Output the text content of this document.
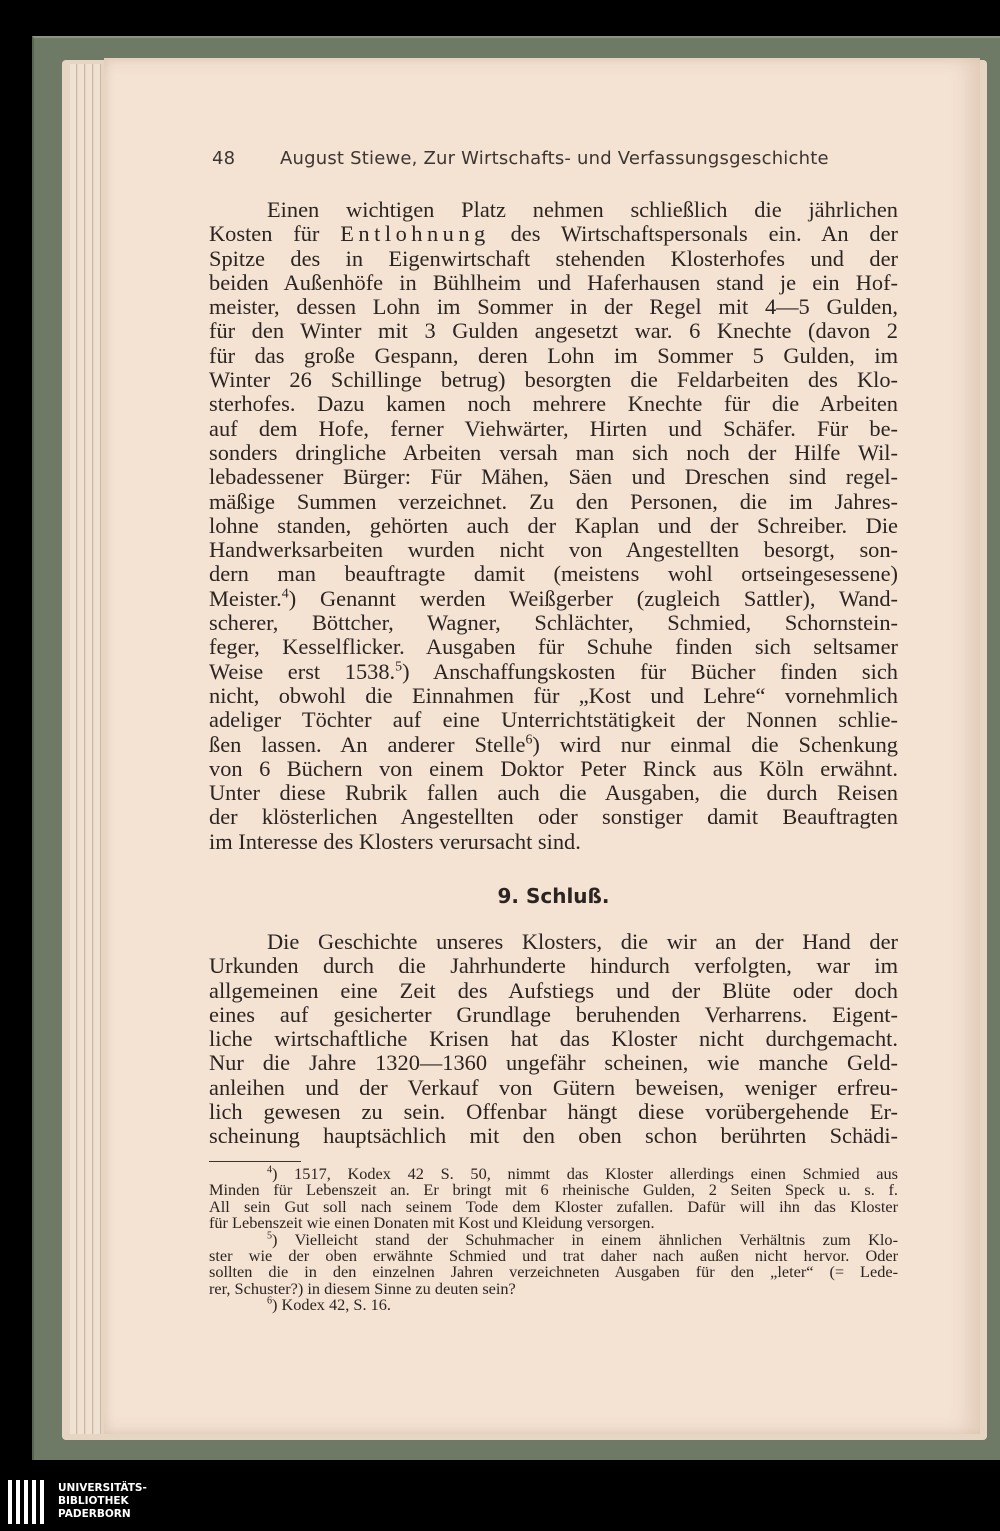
48 August Stiewe, Zur Wirtschafts- und Verfassungsgeschichte

Einen wichtigen Platz nehmen schließlich die jährlichen

Kosten für Entlohnung des Wirtschaftspersonals ein. An der

Spitze des in Eigenwirtschaft stehenden Klosterhofes und der

beiden Außenhöfe in Bühlheim und Haferhausen stand je ein Hof-

meister, dessen Lohn im Sommer in der Regel mit 4—5 Gulden,

für den Winter mit 3 Gulden angesetzt war. 6 Knechte (davon 2

für das große Gespann, deren Lohn im Sommer 5 Gulden, im

Winter 26 Schillinge betrug) besorgten die Feldarbeiten des Klo-

sterhofes. Dazu kamen noch mehrere Knechte für die Arbeiten

auf dem Hofe, ferner Viehwärter, Hirten und Schäfer. Für be-

sonders dringliche Arbeiten versah man sich noch der Hilfe Wil-

lebadessener Bürger: Für Mähen, Säen und Dreschen sind regel-

mäßige Summen verzeichnet. Zu den Personen, die im Jahres-

lohne standen, gehörten auch der Kaplan und der Schreiber. Die

Handwerksarbeiten wurden nicht von Angestellten besorgt, son-

dern man beauftragte damit (meistens wohl ortseingesessene)

Meister.$^4$) Genannt werden Weißgerber (zugleich Sattler), Wand-

scherer, Böttcher, Wagner, Schlächter, Schmied, Schornstein-

feger, Kesselflicker. Ausgaben für Schuhe finden sich seltsamer

Weise erst 1538.$^5$) Anschaffungskosten für Bücher finden sich

nicht, obwohl die Einnahmen für „Kost und Lehre“ vornehmlich

adeliger Töchter auf eine Unterrichtstätigkeit der Nonnen schlie-

ßen lassen. An anderer Stelle$^6$) wird nur einmal die Schenkung

von 6 Büchern von einem Doktor Peter Rinck aus Köln erwähnt.

Unter diese Rubrik fallen auch die Ausgaben, die durch Reisen

der klösterlichen Angestellten oder sonstiger damit Beauftragten

im Interesse des Klosters verursacht sind.

9. Schluß.

Die Geschichte unseres Klosters, die wir an der Hand der

Urkunden durch die Jahrhunderte hindurch verfolgten, war im

allgemeinen eine Zeit des Aufstiegs und der Blüte oder doch

eines auf gesicherter Grundlage beruhenden Verharrens. Eigent-

liche wirtschaftliche Krisen hat das Kloster nicht durchgemacht.

Nur die Jahre 1320—1360 ungefähr scheinen, wie manche Geld-

anleihen und der Verkauf von Gütern beweisen, weniger erfreu-

lich gewesen zu sein. Offenbar hängt diese vorübergehende Er-

scheinung hauptsächlich mit den oben schon berührten Schädi-

$^4$) 1517, Kodex 42 S. 50, nimmt das Kloster allerdings einen Schmied aus

Minden für Lebenszeit an. Er bringt mit 6 rheinische Gulden, 2 Seiten Speck u. s. f.

All sein Gut soll nach seinem Tode dem Kloster zufallen. Dafür will ihn das Kloster

für Lebenszeit wie einen Donaten mit Kost und Kleidung versorgen.

$^5$) Vielleicht stand der Schuhmacher in einem ähnlichen Verhältnis zum Klo-

ster wie der oben erwähnte Schmied und trat daher nach außen nicht hervor. Oder

sollten die in den einzelnen Jahren verzeichneten Ausgaben für den „leter“ (= Lede-

rer, Schuster?) in diesem Sinne zu deuten sein?

$^6$) Kodex 42, S. 16.

UNIVERSITÄTS-
BIBLIOTHEK
PADERBORN
